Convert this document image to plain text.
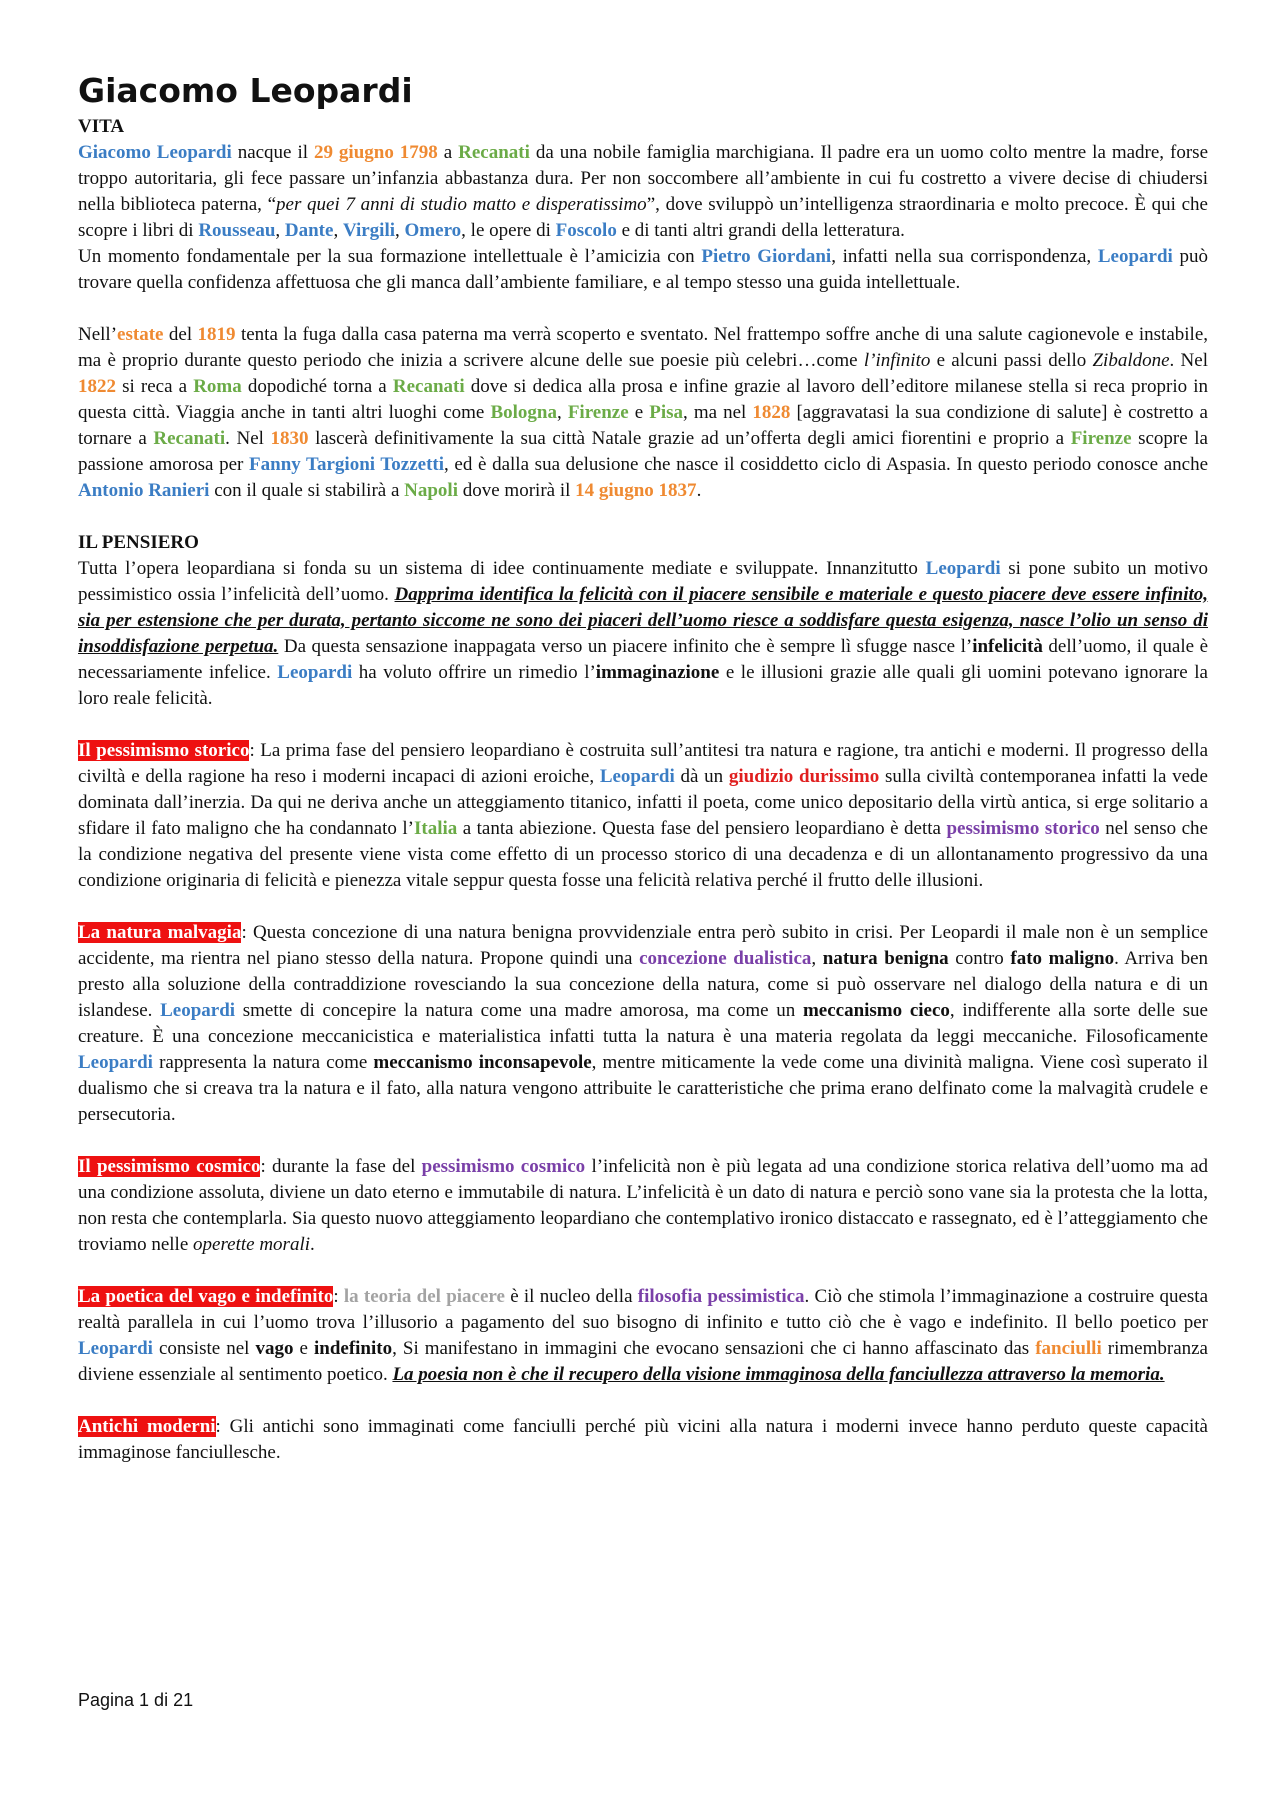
Giacomo Leopardi
VITA

Giacomo Leopardi nacque il 29 giugno 1798 a Recanati da una nobile famiglia marchigiana. Il padre era un uomo colto mentre la madre, forse troppo autoritaria, gli fece passare un’infanzia abbastanza dura. Per non soccombere all’ambiente in cui fu costretto a vivere decise di chiudersi nella biblioteca paterna, “per quei 7 anni di studio matto e disperatissimo”, dove sviluppò un’intelligenza straordinaria e molto precoce. È qui che scopre i libri di Rousseau, Dante, Virgili, Omero, le opere di Foscolo e di tanti altri grandi della letteratura.

Un momento fondamentale per la sua formazione intellettuale è l’amicizia con Pietro Giordani, infatti nella sua corrispondenza, Leopardi può trovare quella confidenza affettuosa che gli manca dall’ambiente familiare, e al tempo stesso una guida intellettuale.

Nell’estate del 1819 tenta la fuga dalla casa paterna ma verrà scoperto e sventato. Nel frattempo soffre anche di una salute cagionevole e instabile, ma è proprio durante questo periodo che inizia a scrivere alcune delle sue poesie più celebri…come l’infinito e alcuni passi dello Zibaldone. Nel 1822 si reca a Roma dopodiché torna a Recanati dove si dedica alla prosa e infine grazie al lavoro dell’editore milanese stella si reca proprio in questa città. Viaggia anche in tanti altri luoghi come Bologna, Firenze e Pisa, ma nel 1828 [aggravatasi la sua condizione di salute] è costretto a tornare a Recanati. Nel 1830 lascerà definitivamente la sua città Natale grazie ad un’offerta degli amici fiorentini e proprio a Firenze scopre la passione amorosa per Fanny Targioni Tozzetti, ed è dalla sua delusione che nasce il cosiddetto ciclo di Aspasia. In questo periodo conosce anche Antonio Ranieri con il quale si stabilirà a Napoli dove morirà il 14 giugno 1837.

IL PENSIERO

Tutta l’opera leopardiana si fonda su un sistema di idee continuamente mediate e sviluppate. Innanzitutto Leopardi si pone subito un motivo pessimistico ossia l’infelicità dell’uomo. Dapprima identifica la felicità con il piacere sensibile e materiale e questo piacere deve essere infinito, sia per estensione che per durata, pertanto siccome ne sono dei piaceri dell’uomo riesce a soddisfare questa esigenza, nasce l’olio un senso di insoddisfazione perpetua. Da questa sensazione inappagata verso un piacere infinito che è sempre lì sfugge nasce l’infelicità dell’uomo, il quale è necessariamente infelice. Leopardi ha voluto offrire un rimedio l’immaginazione e le illusioni grazie alle quali gli uomini potevano ignorare la loro reale felicità.

Il pessimismo storico: La prima fase del pensiero leopardiano è costruita sull’antitesi tra natura e ragione, tra antichi e moderni. Il progresso della civiltà e della ragione ha reso i moderni incapaci di azioni eroiche, Leopardi dà un giudizio durissimo sulla civiltà contemporanea infatti la vede dominata dall’inerzia. Da qui ne deriva anche un atteggiamento titanico, infatti il poeta, come unico depositario della virtù antica, si erge solitario a sfidare il fato maligno che ha condannato l’Italia a tanta abiezione. Questa fase del pensiero leopardiano è detta pessimismo storico nel senso che la condizione negativa del presente viene vista come effetto di un processo storico di una decadenza e di un allontanamento progressivo da una condizione originaria di felicità e pienezza vitale seppur questa fosse una felicità relativa perché il frutto delle illusioni.

La natura malvagia: Questa concezione di una natura benigna provvidenziale entra però subito in crisi. Per Leopardi il male non è un semplice accidente, ma rientra nel piano stesso della natura. Propone quindi una concezione dualistica, natura benigna contro fato maligno. Arriva ben presto alla soluzione della contraddizione rovesciando la sua concezione della natura, come si può osservare nel dialogo della natura e di un islandese. Leopardi smette di concepire la natura come una madre amorosa, ma come un meccanismo cieco, indifferente alla sorte delle sue creature. È una concezione meccanicistica e materialistica infatti tutta la natura è una materia regolata da leggi meccaniche. Filosoficamente Leopardi rappresenta la natura come meccanismo inconsapevole, mentre miticamente la vede come una divinità maligna. Viene così superato il dualismo che si creava tra la natura e il fato, alla natura vengono attribuite le caratteristiche che prima erano delfinato come la malvagità crudele e persecutoria.

Il pessimismo cosmico: durante la fase del pessimismo cosmico l’infelicità non è più legata ad una condizione storica relativa dell’uomo ma ad una condizione assoluta, diviene un dato eterno e immutabile di natura. L’infelicità è un dato di natura e perciò sono vane sia la protesta che la lotta, non resta che contemplarla. Sia questo nuovo atteggiamento leopardiano che contemplativo ironico distaccato e rassegnato, ed è l’atteggiamento che troviamo nelle operette morali.

La poetica del vago e indefinito: la teoria del piacere è il nucleo della filosofia pessimistica. Ciò che stimola l’immaginazione a costruire questa realtà parallela in cui l’uomo trova l’illusorio a pagamento del suo bisogno di infinito e tutto ciò che è vago e indefinito. Il bello poetico per Leopardi consiste nel vago e indefinito, Si manifestano in immagini che evocano sensazioni che ci hanno affascinato das fanciulli rimembranza diviene essenziale al sentimento poetico. La poesia non è che il recupero della visione immaginosa della fanciullezza attraverso la memoria.

Antichi moderni: Gli antichi sono immaginati come fanciulli perché più vicini alla natura i moderni invece hanno perduto queste capacità immaginose fanciullesche.

Pagina 1 di 21
